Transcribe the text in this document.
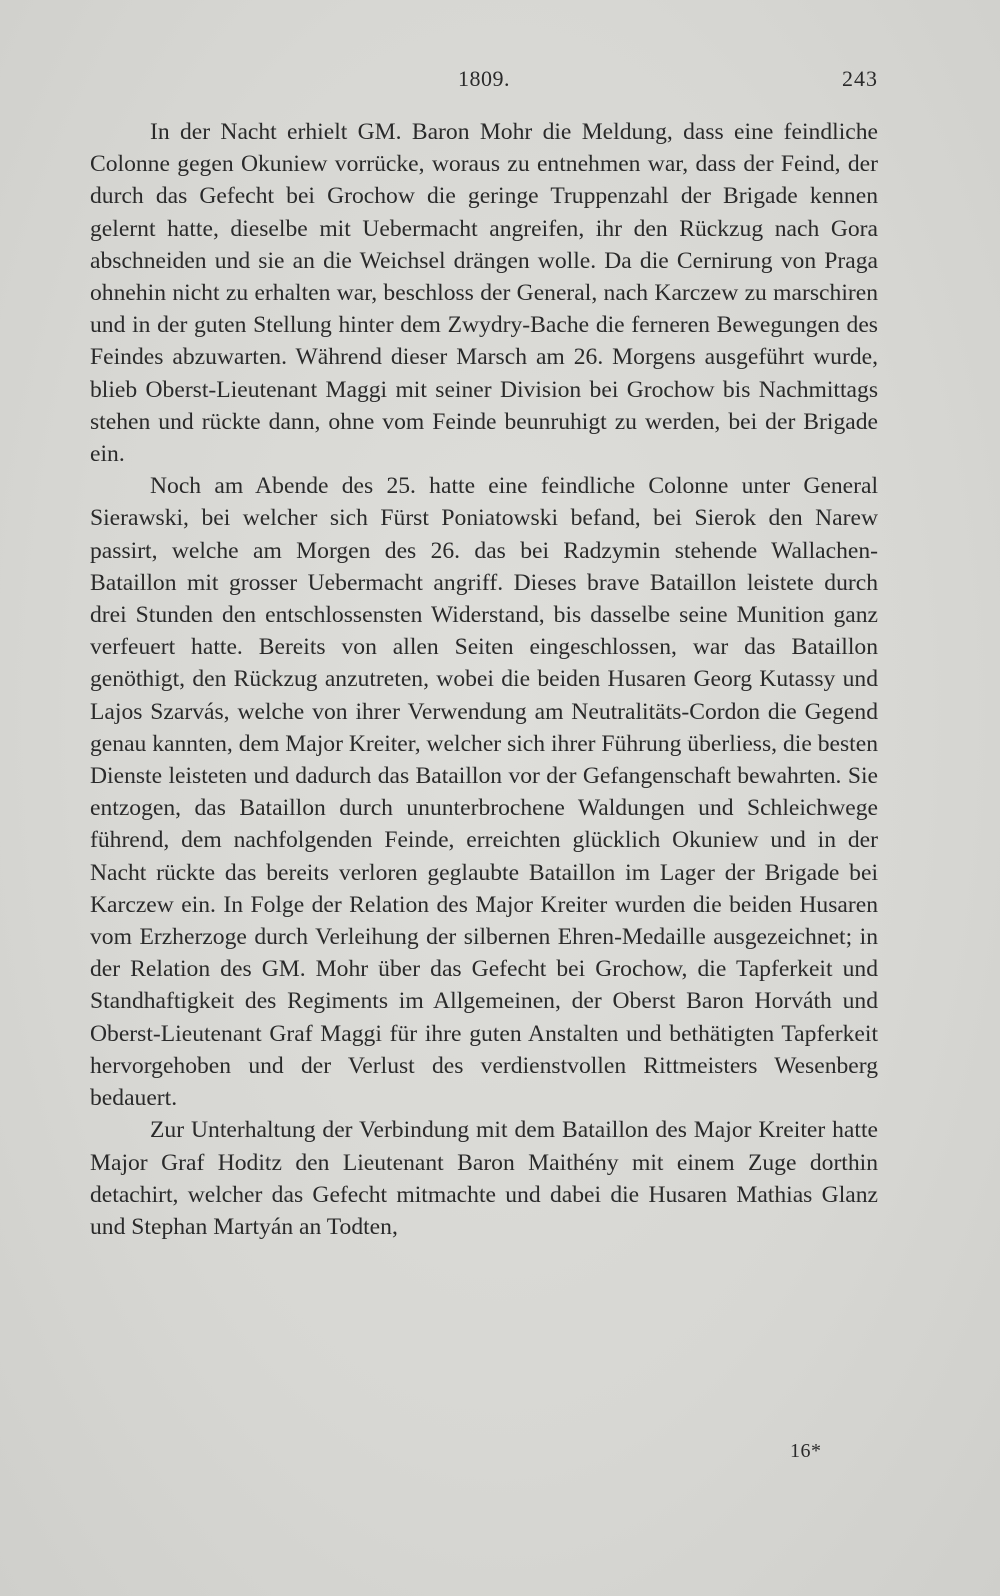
1809.	243

In der Nacht erhielt GM. Baron Mohr die Meldung, dass eine feindliche Colonne gegen Okuniew vorrücke, woraus zu entnehmen war, dass der Feind, der durch das Gefecht bei Grochow die geringe Truppenzahl der Brigade kennen gelernt hatte, dieselbe mit Uebermacht angreifen, ihr den Rückzug nach Gora abschneiden und sie an die Weichsel drängen wolle. Da die Cernirung von Praga ohnehin nicht zu erhalten war, beschloss der General, nach Karczew zu marschiren und in der guten Stellung hinter dem Zwydry-Bache die ferneren Bewegungen des Feindes abzuwarten. Während dieser Marsch am 26. Morgens ausgeführt wurde, blieb Oberst-Lieutenant Maggi mit seiner Division bei Grochow bis Nachmittags stehen und rückte dann, ohne vom Feinde beunruhigt zu werden, bei der Brigade ein.

Noch am Abende des 25. hatte eine feindliche Colonne unter General Sierawski, bei welcher sich Fürst Poniatowski befand, bei Sierok den Narew passirt, welche am Morgen des 26. das bei Radzymin stehende Wallachen-Bataillon mit grosser Uebermacht angriff. Dieses brave Bataillon leistete durch drei Stunden den entschlossensten Widerstand, bis dasselbe seine Munition ganz verfeuert hatte. Bereits von allen Seiten eingeschlossen, war das Bataillon genöthigt, den Rückzug anzutreten, wobei die beiden Husaren Georg Kutassy und Lajos Szarvás, welche von ihrer Verwendung am Neutralitäts-Cordon die Gegend genau kannten, dem Major Kreiter, welcher sich ihrer Führung überliess, die besten Dienste leisteten und dadurch das Bataillon vor der Gefangenschaft bewahrten. Sie entzogen, das Bataillon durch ununterbrochene Waldungen und Schleichwege führend, dem nachfolgenden Feinde, erreichten glücklich Okuniew und in der Nacht rückte das bereits verloren geglaubte Bataillon im Lager der Brigade bei Karczew ein. In Folge der Relation des Major Kreiter wurden die beiden Husaren vom Erzherzoge durch Verleihung der silbernen Ehren-Medaille ausgezeichnet; in der Relation des GM. Mohr über das Gefecht bei Grochow, die Tapferkeit und Standhaftigkeit des Regiments im Allgemeinen, der Oberst Baron Horváth und Oberst-Lieutenant Graf Maggi für ihre guten Anstalten und bethätigten Tapferkeit hervorgehoben und der Verlust des verdienstvollen Rittmeisters Wesenberg bedauert.

Zur Unterhaltung der Verbindung mit dem Bataillon des Major Kreiter hatte Major Graf Hoditz den Lieutenant Baron Maithény mit einem Zuge dorthin detachirt, welcher das Gefecht mitmachte und dabei die Husaren Mathias Glanz und Stephan Martyán an Todten,

16*
